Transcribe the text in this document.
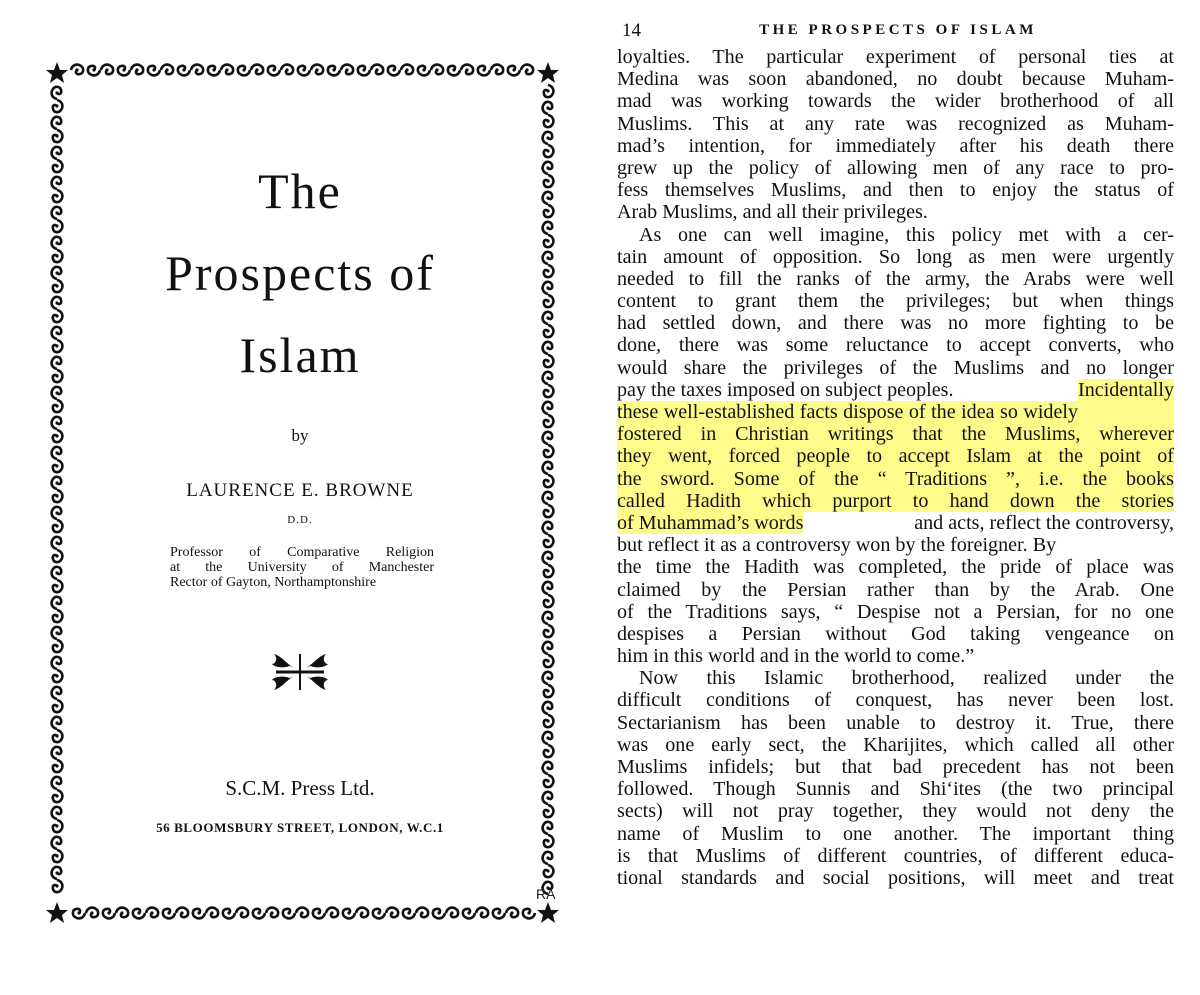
The
Prospects of
Islam
by
LAURENCE E. BROWNE
D.D.
Professor of Comparative Religion
at the University of Manchester
Rector of Gayton, Northamptonshire
S.C.M. Press Ltd.
56 BLOOMSBURY STREET, LONDON, W.C.1
RA
14	THE PROSPECTS OF ISLAM
loyalties. The particular experiment of personal ties at
Medina was soon abandoned, no doubt because Muham-
mad was working towards the wider brotherhood of all
Muslims. This at any rate was recognized as Muham-
mad’s intention, for immediately after his death there
grew up the policy of allowing men of any race to pro-
fess themselves Muslims, and then to enjoy the status of
Arab Muslims, and all their privileges.
As one can well imagine, this policy met with a cer-
tain amount of opposition. So long as men were urgently
needed to fill the ranks of the army, the Arabs were well
content to grant them the privileges; but when things
had settled down, and there was no more fighting to be
done, there was some reluctance to accept converts, who
would share the privileges of the Muslims and no longer
pay the taxes imposed on subject peoples.	Incidentally
these well-established facts dispose of the idea so widely
fostered in Christian writings that the Muslims, wherever
they went, forced people to accept Islam at the point of
the sword. Some of the “ Traditions ”, i.e. the books
called Hadith which purport to hand down the stories
of Muhammad’s words	and acts, reflect the controversy,
but reflect it as a controversy won by the foreigner. By
the time the Hadith was completed, the pride of place was
claimed by the Persian rather than by the Arab. One
of the Traditions says, “ Despise not a Persian, for no one
despises a Persian without God taking vengeance on
him in this world and in the world to come.”
Now this Islamic brotherhood, realized under the
difficult conditions of conquest, has never been lost.
Sectarianism has been unable to destroy it. True, there
was one early sect, the Kharijites, which called all other
Muslims infidels; but that bad precedent has not been
followed. Though Sunnis and Shi‘ites (the two principal
sects) will not pray together, they would not deny the
name of Muslim to one another. The important thing
is that Muslims of different countries, of different educa-
tional standards and social positions, will meet and treat
